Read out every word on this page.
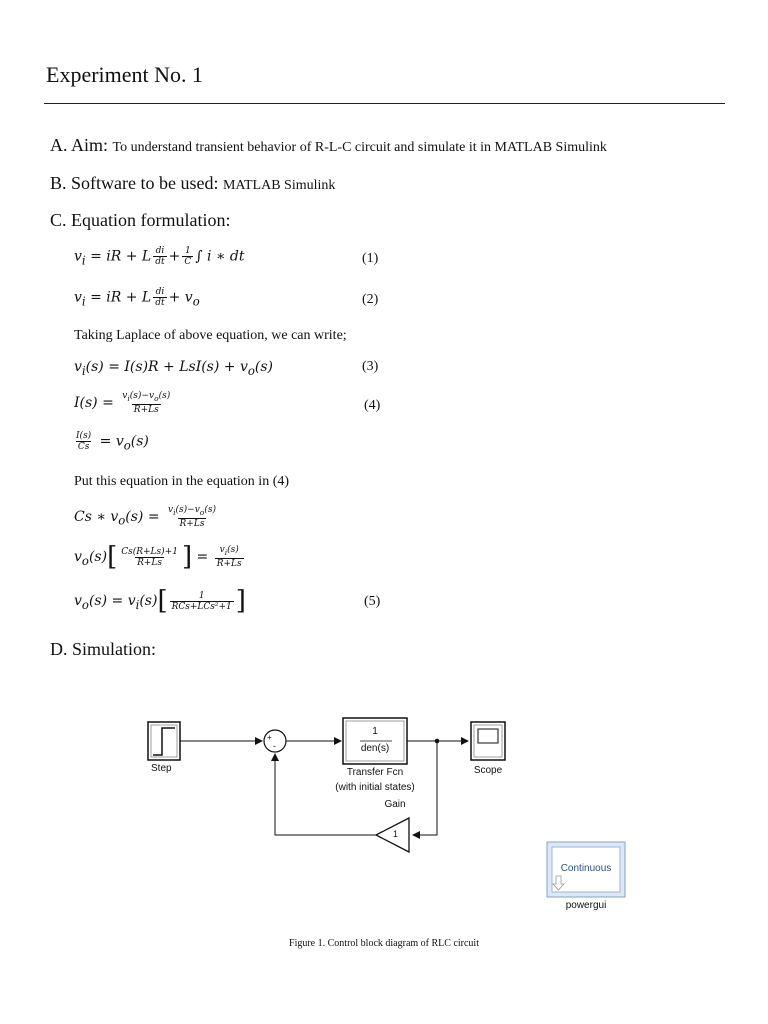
Experiment No. 1
A. Aim: To understand transient behavior of R-L-C circuit and simulate it in MATLAB Simulink
B. Software to be used: MATLAB Simulink
C. Equation formulation:
$v_i$ = iR + L $\frac{di}{dt} + \frac{1}{C}$ ∫ i ∗ dt	(1)
$v_i$ = iR + L $\frac{di}{dt} + v_o$	(2)
Taking Laplace of above equation, we can write;
$v_i(s) = I(s)R + LsI(s) + v_o(s)$	(3)
$I(s) = \frac{v_i(s)-v_o(s)}{R+Ls}$	(4)
$\frac{I(s)}{Cs} = v_o(s)$
Put this equation in the equation in (4)
Cs ∗ $v_o(s) = \frac{v_i(s)-v_o(s)}{R+Ls}$
$v_o(s)$ [ $\frac{Cs(R+Ls)+1}{R+Ls}$ ] = $\frac{v_i(s)}{R+Ls}$
$v_o(s) = v_i(s)$ [ $\frac{1}{\text{RCs+LCs²+1}}$ ]	(5)
D. Simulation:
Step
+
-
1
den(s)
Transfer Fcn
(with initial states)
Gain
1
Scope
Continuous
powergui
Figure 1. Control block diagram of RLC circuit
